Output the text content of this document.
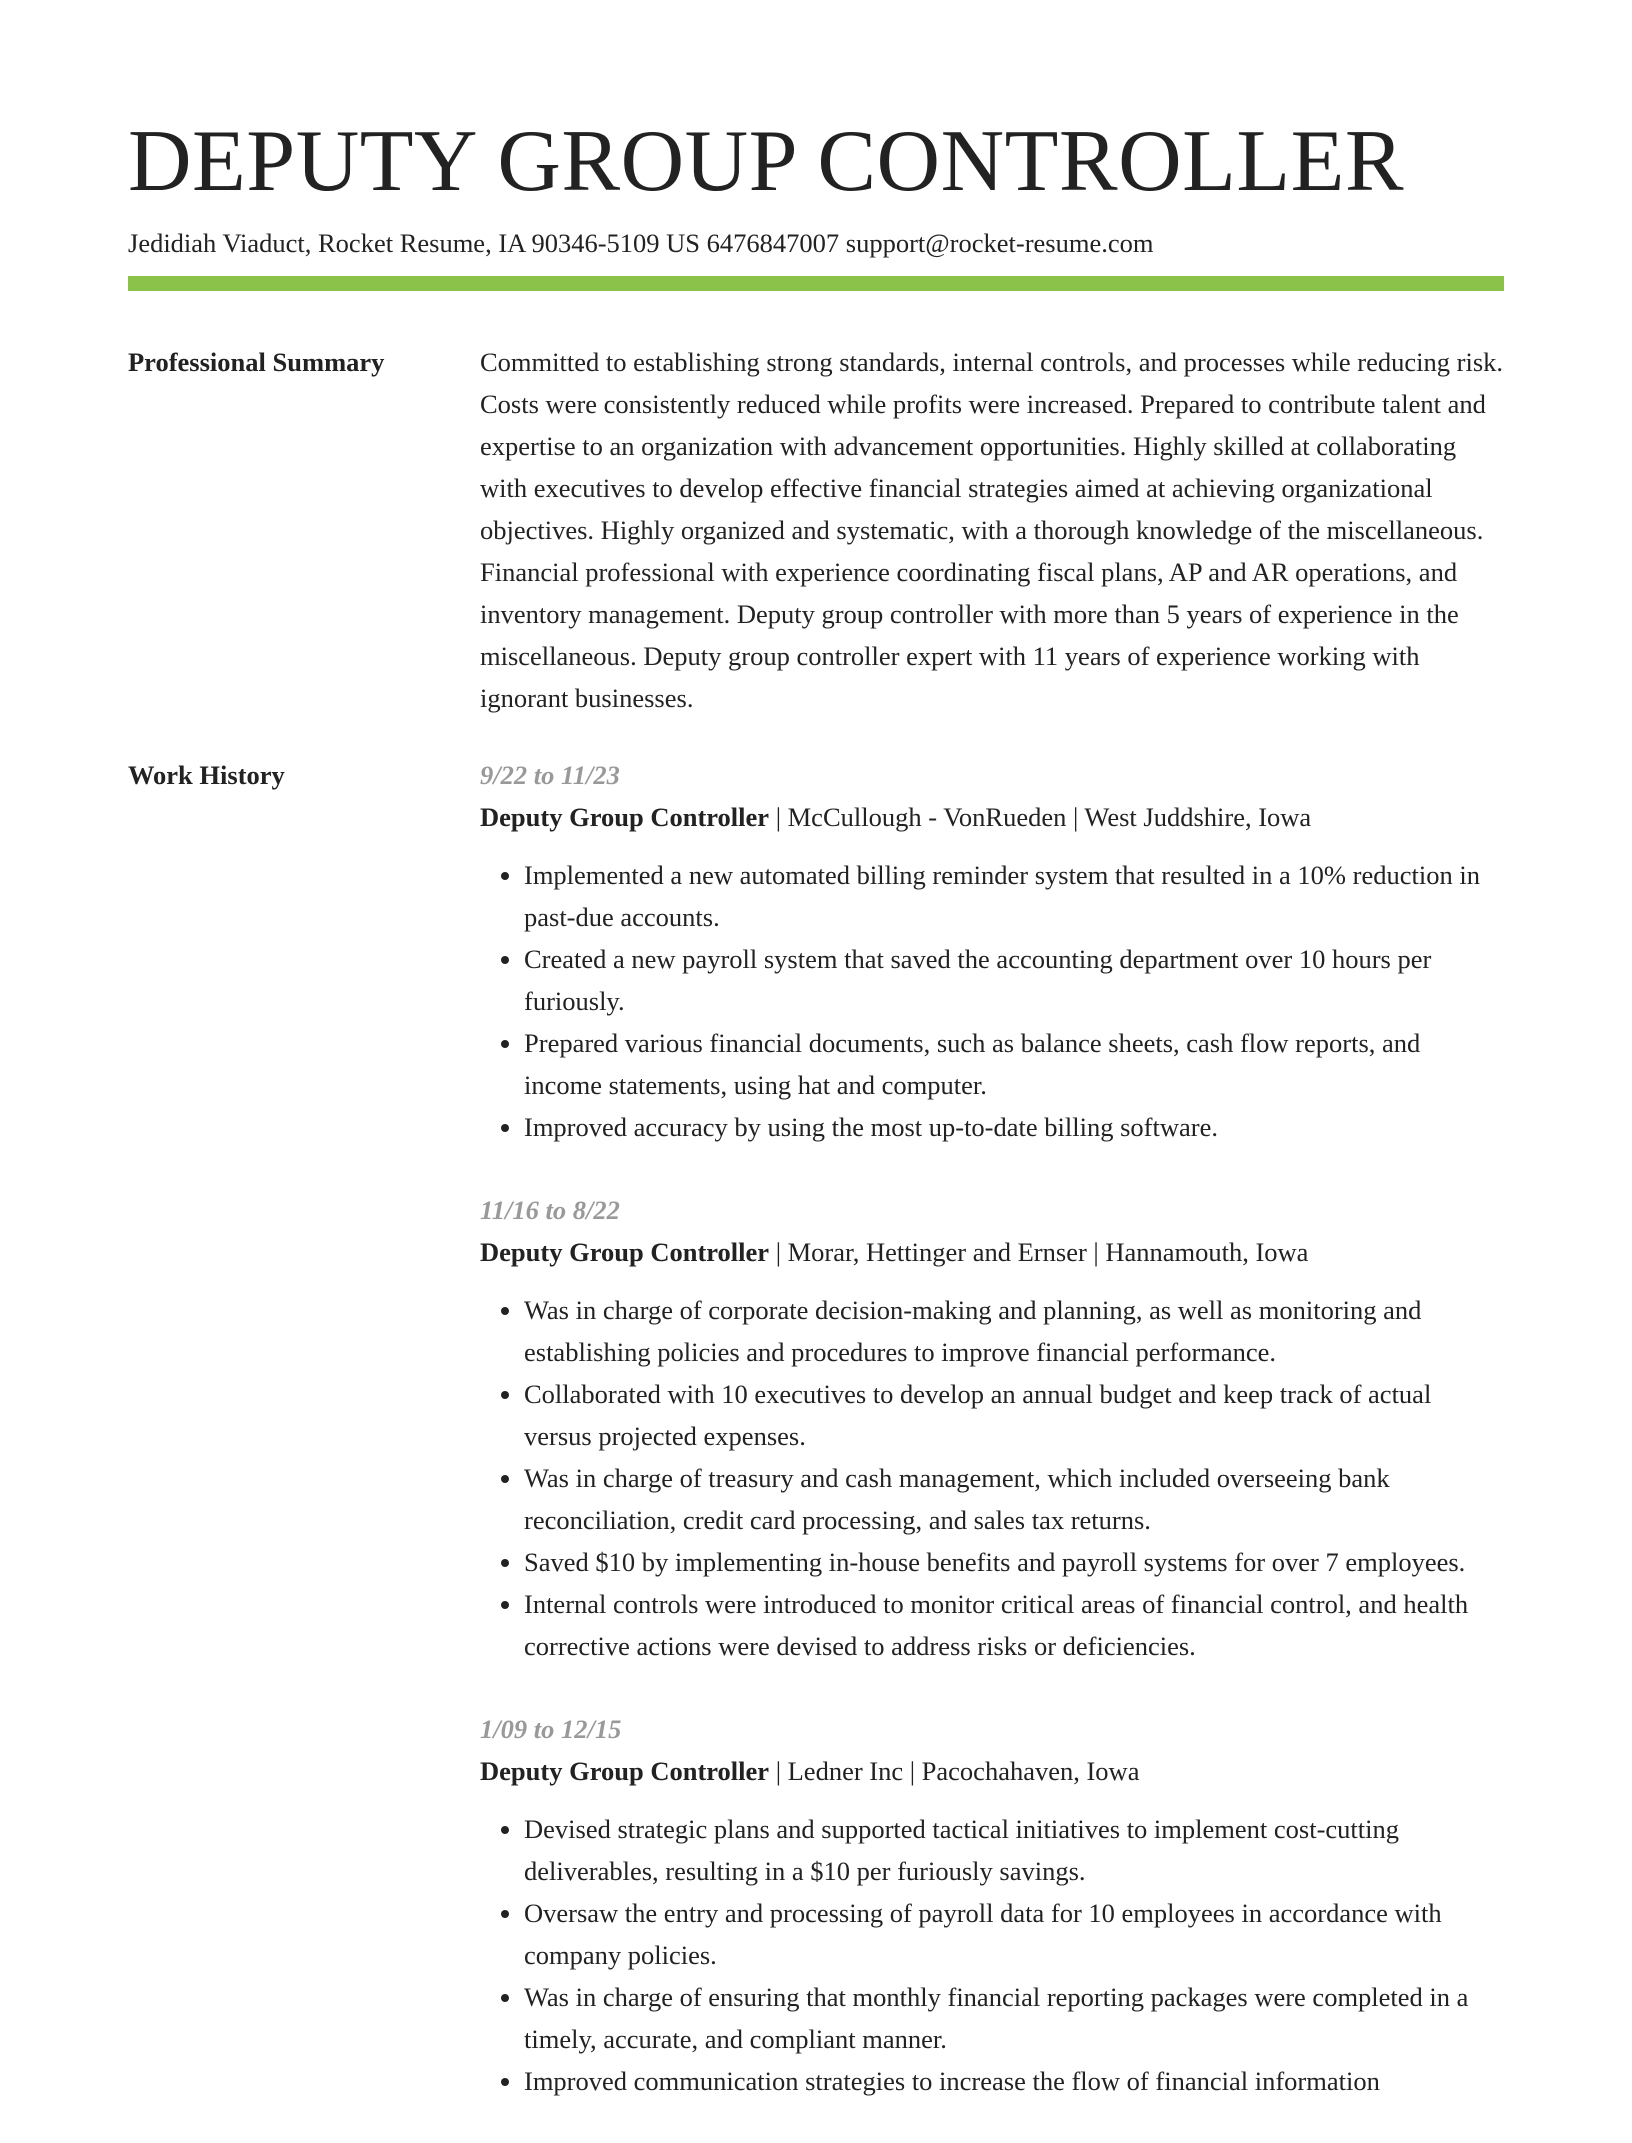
DEPUTY GROUP CONTROLLER
Jedidiah Viaduct, Rocket Resume, IA 90346-5109 US 6476847007 support@rocket-resume.com
Professional Summary	Committed to establishing strong standards, internal controls, and processes while reducing risk. Costs were consistently reduced while profits were increased. Prepared to contribute talent and expertise to an organization with advancement opportunities. Highly skilled at collaborating with executives to develop effective financial strategies aimed at achieving organizational objectives. Highly organized and systematic, with a thorough knowledge of the miscellaneous. Financial professional with experience coordinating fiscal plans, AP and AR operations, and inventory management. Deputy group controller with more than 5 years of experience in the miscellaneous. Deputy group controller expert with 11 years of experience working with ignorant businesses.

Work History	9/22 to 11/23
Deputy Group Controller | McCullough - VonRueden | West Juddshire, Iowa
• Implemented a new automated billing reminder system that resulted in a 10% reduction in past-due accounts.
• Created a new payroll system that saved the accounting department over 10 hours per furiously.
• Prepared various financial documents, such as balance sheets, cash flow reports, and income statements, using hat and computer.
• Improved accuracy by using the most up-to-date billing software.
11/16 to 8/22
Deputy Group Controller | Morar, Hettinger and Ernser | Hannamouth, Iowa
• Was in charge of corporate decision-making and planning, as well as monitoring and establishing policies and procedures to improve financial performance.
• Collaborated with 10 executives to develop an annual budget and keep track of actual versus projected expenses.
• Was in charge of treasury and cash management, which included overseeing bank reconciliation, credit card processing, and sales tax returns.
• Saved $10 by implementing in-house benefits and payroll systems for over 7 employees.
• Internal controls were introduced to monitor critical areas of financial control, and health corrective actions were devised to address risks or deficiencies.
1/09 to 12/15
Deputy Group Controller | Ledner Inc | Pacochahaven, Iowa
• Devised strategic plans and supported tactical initiatives to implement cost-cutting deliverables, resulting in a $10 per furiously savings.
• Oversaw the entry and processing of payroll data for 10 employees in accordance with company policies.
• Was in charge of ensuring that monthly financial reporting packages were completed in a timely, accurate, and compliant manner.
• Improved communication strategies to increase the flow of financial information
